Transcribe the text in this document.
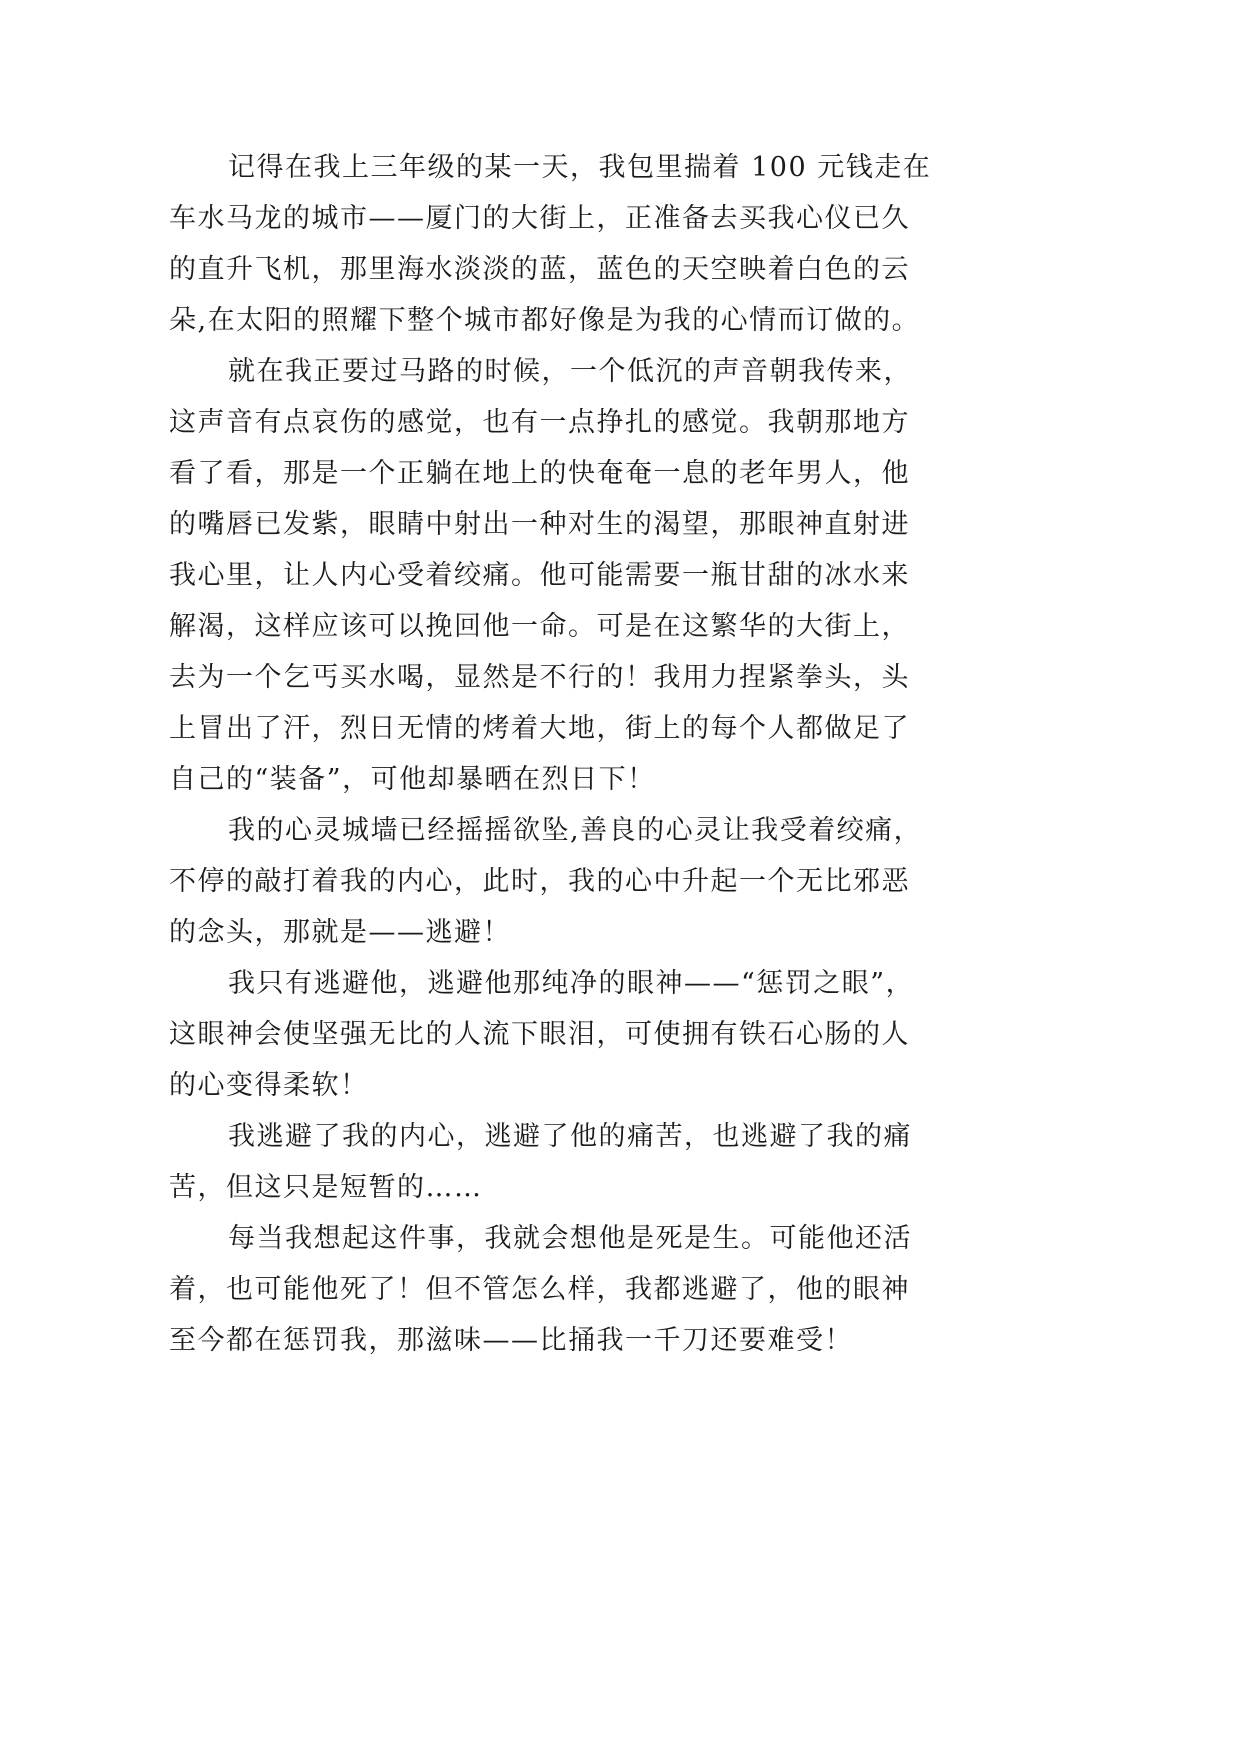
记得在我上三年级的某一天，我包里揣着 100 元钱走在
车水马龙的城市——厦门的大街上，正准备去买我心仪已久
的直升飞机，那里海水淡淡的蓝，蓝色的天空映着白色的云
朵,在太阳的照耀下整个城市都好像是为我的心情而订做的。
就在我正要过马路的时候，一个低沉的声音朝我传来，
这声音有点哀伤的感觉，也有一点挣扎的感觉。我朝那地方
看了看，那是一个正躺在地上的快奄奄一息的老年男人，他
的嘴唇已发紫，眼睛中射出一种对生的渴望，那眼神直射进
我心里，让人内心受着绞痛。他可能需要一瓶甘甜的冰水来
解渴，这样应该可以挽回他一命。可是在这繁华的大街上，
去为一个乞丐买水喝，显然是不行的！我用力捏紧拳头，头
上冒出了汗，烈日无情的烤着大地，街上的每个人都做足了
自己的“装备”，可他却暴晒在烈日下！
我的心灵城墙已经摇摇欲坠,善良的心灵让我受着绞痛，
不停的敲打着我的内心，此时，我的心中升起一个无比邪恶
的念头，那就是——逃避！
我只有逃避他，逃避他那纯净的眼神——“惩罚之眼”，
这眼神会使坚强无比的人流下眼泪，可使拥有铁石心肠的人
的心变得柔软！
我逃避了我的内心，逃避了他的痛苦，也逃避了我的痛
苦，但这只是短暂的……
每当我想起这件事，我就会想他是死是生。可能他还活
着，也可能他死了！但不管怎么样，我都逃避了，他的眼神
至今都在惩罚我，那滋味——比捅我一千刀还要难受！
